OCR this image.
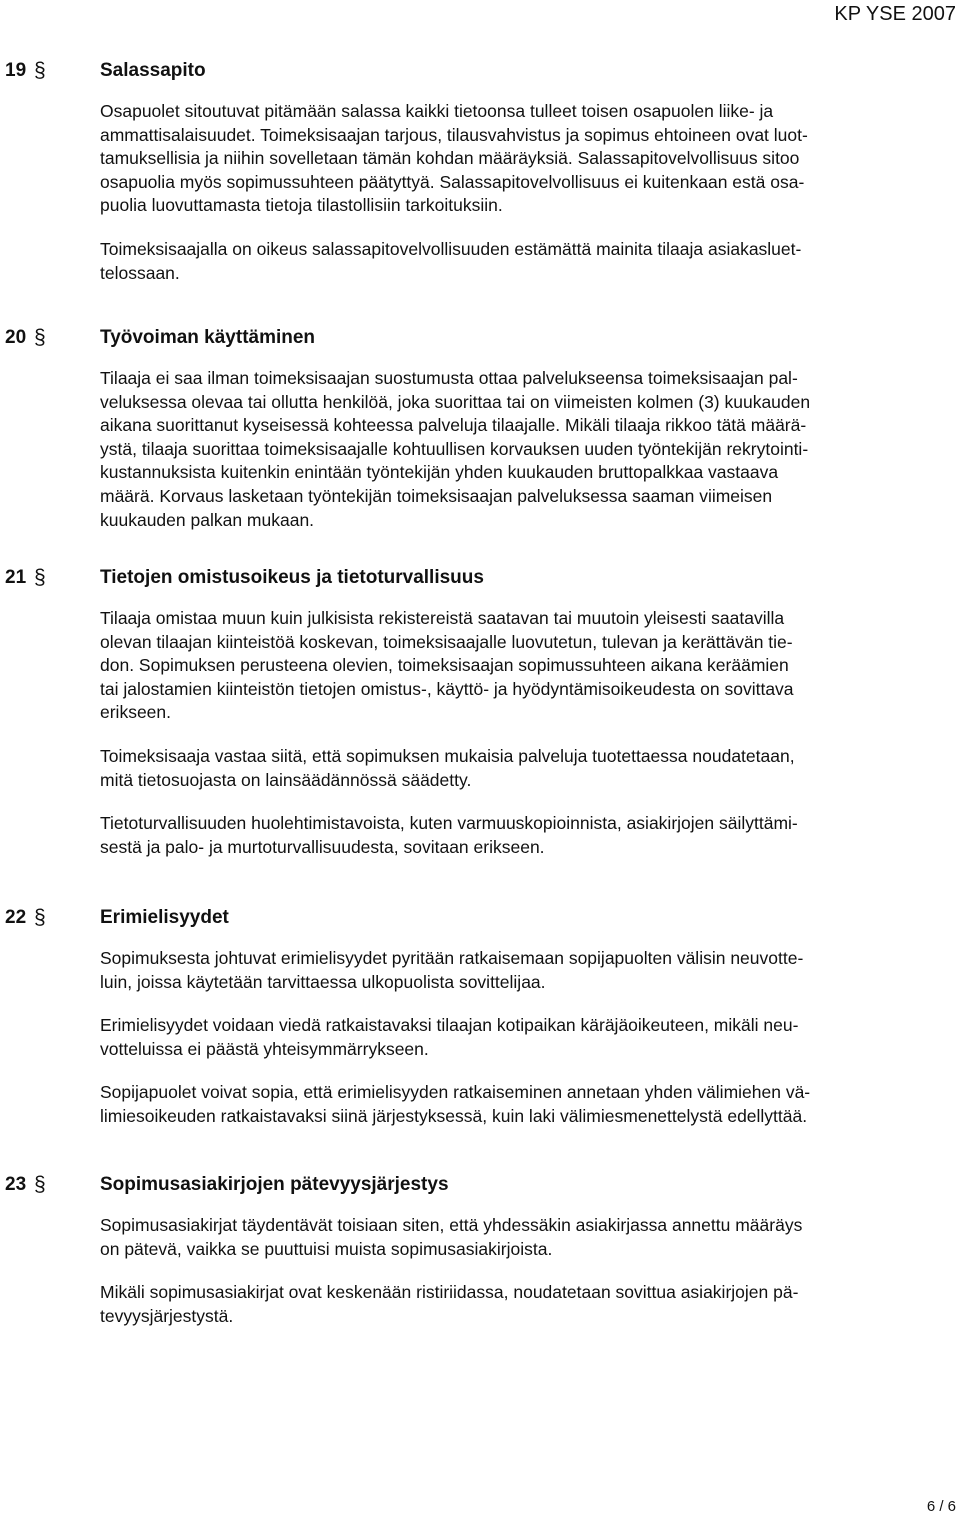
KP YSE 2007
19 §	Salassapito

Osapuolet sitoutuvat pitämään salassa kaikki tietoonsa tulleet toisen osapuolen liike- ja
ammattisalaisuudet. Toimeksisaajan tarjous, tilausvahvistus ja sopimus ehtoineen ovat luot-
tamuksellisia ja niihin sovelletaan tämän kohdan määräyksiä. Salassapitovelvollisuus sitoo
osapuolia myös sopimussuhteen päätyttyä. Salassapitovelvollisuus ei kuitenkaan estä osa-
puolia luovuttamasta tietoja tilastollisiin tarkoituksiin.

Toimeksisaajalla on oikeus salassapitovelvollisuuden estämättä mainita tilaaja asiakasluet-
telossaan.

20 §	Työvoiman käyttäminen

Tilaaja ei saa ilman toimeksisaajan suostumusta ottaa palvelukseensa toimeksisaajan pal-
veluksessa olevaa tai ollutta henkilöä, joka suorittaa tai on viimeisten kolmen (3) kuukauden
aikana suorittanut kyseisessä kohteessa palveluja tilaajalle. Mikäli tilaaja rikkoo tätä määrä-
ystä, tilaaja suorittaa toimeksisaajalle kohtuullisen korvauksen uuden työntekijän rekrytointi-
kustannuksista kuitenkin enintään työntekijän yhden kuukauden bruttopalkkaa vastaava
määrä. Korvaus lasketaan työntekijän toimeksisaajan palveluksessa saaman viimeisen
kuukauden palkan mukaan.

21 §	Tietojen omistusoikeus ja tietoturvallisuus

Tilaaja omistaa muun kuin julkisista rekistereistä saatavan tai muutoin yleisesti saatavilla
olevan tilaajan kiinteistöä koskevan, toimeksisaajalle luovutetun, tulevan ja kerättävän tie-
don. Sopimuksen perusteena olevien, toimeksisaajan sopimussuhteen aikana keräämien
tai jalostamien kiinteistön tietojen omistus-, käyttö- ja hyödyntämisoikeudesta on sovittava
erikseen.

Toimeksisaaja vastaa siitä, että sopimuksen mukaisia palveluja tuotettaessa noudatetaan,
mitä tietosuojasta on lainsäädännössä säädetty.

Tietoturvallisuuden huolehtimistavoista, kuten varmuuskopioinnista, asiakirjojen säilyttämi-
sestä ja palo- ja murtoturvallisuudesta, sovitaan erikseen.

22 §	Erimielisyydet

Sopimuksesta johtuvat erimielisyydet pyritään ratkaisemaan sopijapuolten välisin neuvotte-
luin, joissa käytetään tarvittaessa ulkopuolista sovittelijaa.

Erimielisyydet voidaan viedä ratkaistavaksi tilaajan kotipaikan käräjäoikeuteen, mikäli neu-
votteluissa ei päästä yhteisymmärrykseen.

Sopijapuolet voivat sopia, että erimielisyyden ratkaiseminen annetaan yhden välimiehen vä-
limiesoikeuden ratkaistavaksi siinä järjestyksessä, kuin laki välimiesmenettelystä edellyttää.

23 §	Sopimusasiakirjojen pätevyysjärjestys

Sopimusasiakirjat täydentävät toisiaan siten, että yhdessäkin asiakirjassa annettu määräys
on pätevä, vaikka se puuttuisi muista sopimusasiakirjoista.

Mikäli sopimusasiakirjat ovat keskenään ristiriidassa, noudatetaan sovittua asiakirjojen pä-
tevyysjärjestystä.

6 / 6
